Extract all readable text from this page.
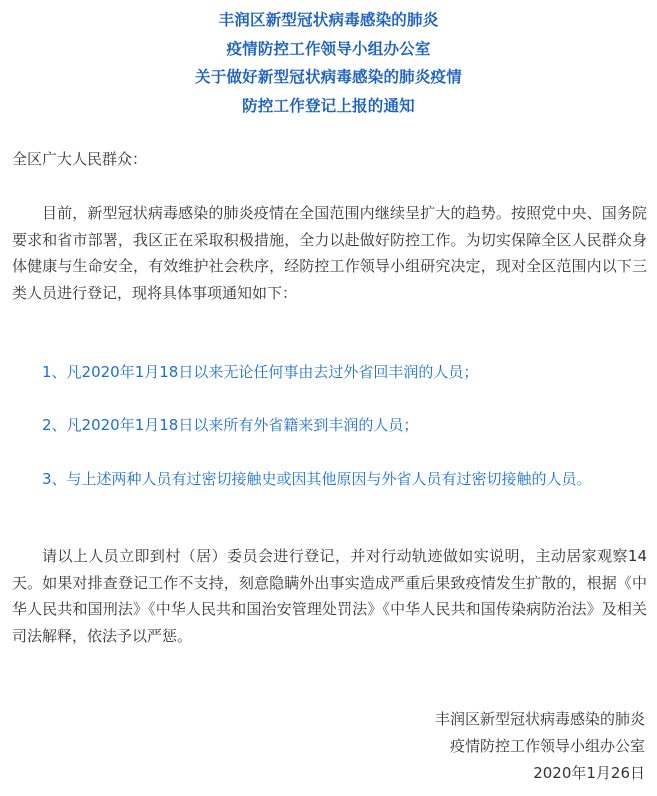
丰润区新型冠状病毒感染的肺炎
疫情防控工作领导小组办公室
关于做好新型冠状病毒感染的肺炎疫情
防控工作登记上报的通知
全区广大人民群众：
目前，新型冠状病毒感染的肺炎疫情在全国范围内继续呈扩大的趋势。按照党中央、国务院要求和省市部署，我区正在采取积极措施，全力以赴做好防控工作。为切实保障全区人民群众身体健康与生命安全，有效维护社会秩序，经防控工作领导小组研究决定，现对全区范围内以下三类人员进行登记，现将具体事项通知如下：
1、凡2020年1月18日以来无论任何事由去过外省回丰润的人员；
2、凡2020年1月18日以来所有外省籍来到丰润的人员；
3、与上述两种人员有过密切接触史或因其他原因与外省人员有过密切接触的人员。
请以上人员立即到村（居）委员会进行登记，并对行动轨迹做如实说明，主动居家观察14天。如果对排查登记工作不支持，刻意隐瞒外出事实造成严重后果致疫情发生扩散的，根据《中华人民共和国刑法》《中华人民共和国治安管理处罚法》《中华人民共和国传染病防治法》及相关司法解释，依法予以严惩。
丰润区新型冠状病毒感染的肺炎
疫情防控工作领导小组办公室
2020年1月26日
